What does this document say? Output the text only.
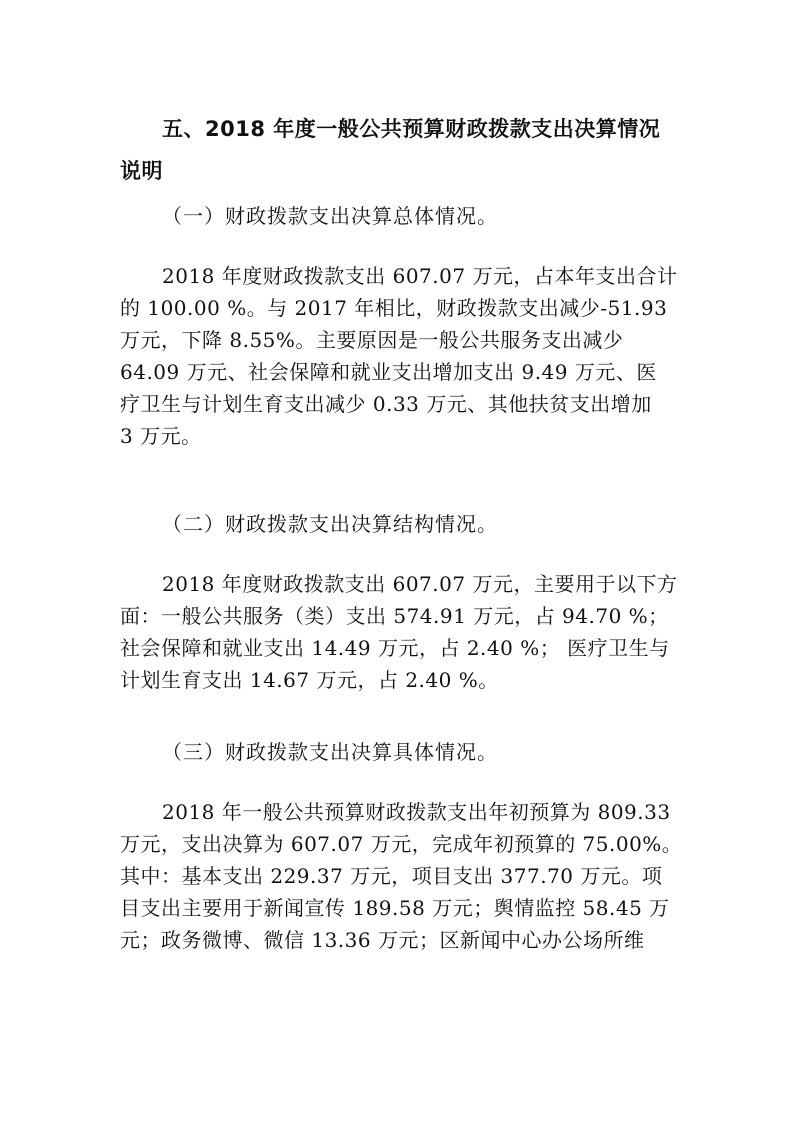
五、2018 年度一般公共预算财政拨款支出决算情况说明
（一）财政拨款支出决算总体情况。
2018 年度财政拨款支出 607.07 万元，占本年支出合计
的 100.00 %。与 2017 年相比，财政拨款支出减少-51.93
万元，下降 8.55%。主要原因是一般公共服务支出减少
64.09 万元、社会保障和就业支出增加支出 9.49 万元、医
疗卫生与计划生育支出减少 0.33 万元、其他扶贫支出增加
3 万元。
（二）财政拨款支出决算结构情况。
2018 年度财政拨款支出 607.07 万元，主要用于以下方
面：一般公共服务（类）支出 574.91 万元，占 94.70 %；
社会保障和就业支出 14.49 万元，占 2.40 %； 医疗卫生与
计划生育支出 14.67 万元，占 2.40 %。
（三）财政拨款支出决算具体情况。
2018 年一般公共预算财政拨款支出年初预算为 809.33
万元，支出决算为 607.07 万元，完成年初预算的 75.00%。
其中：基本支出 229.37 万元，项目支出 377.70 万元。项
目支出主要用于新闻宣传 189.58 万元；舆情监控 58.45 万
元；政务微博、微信 13.36 万元；区新闻中心办公场所维
